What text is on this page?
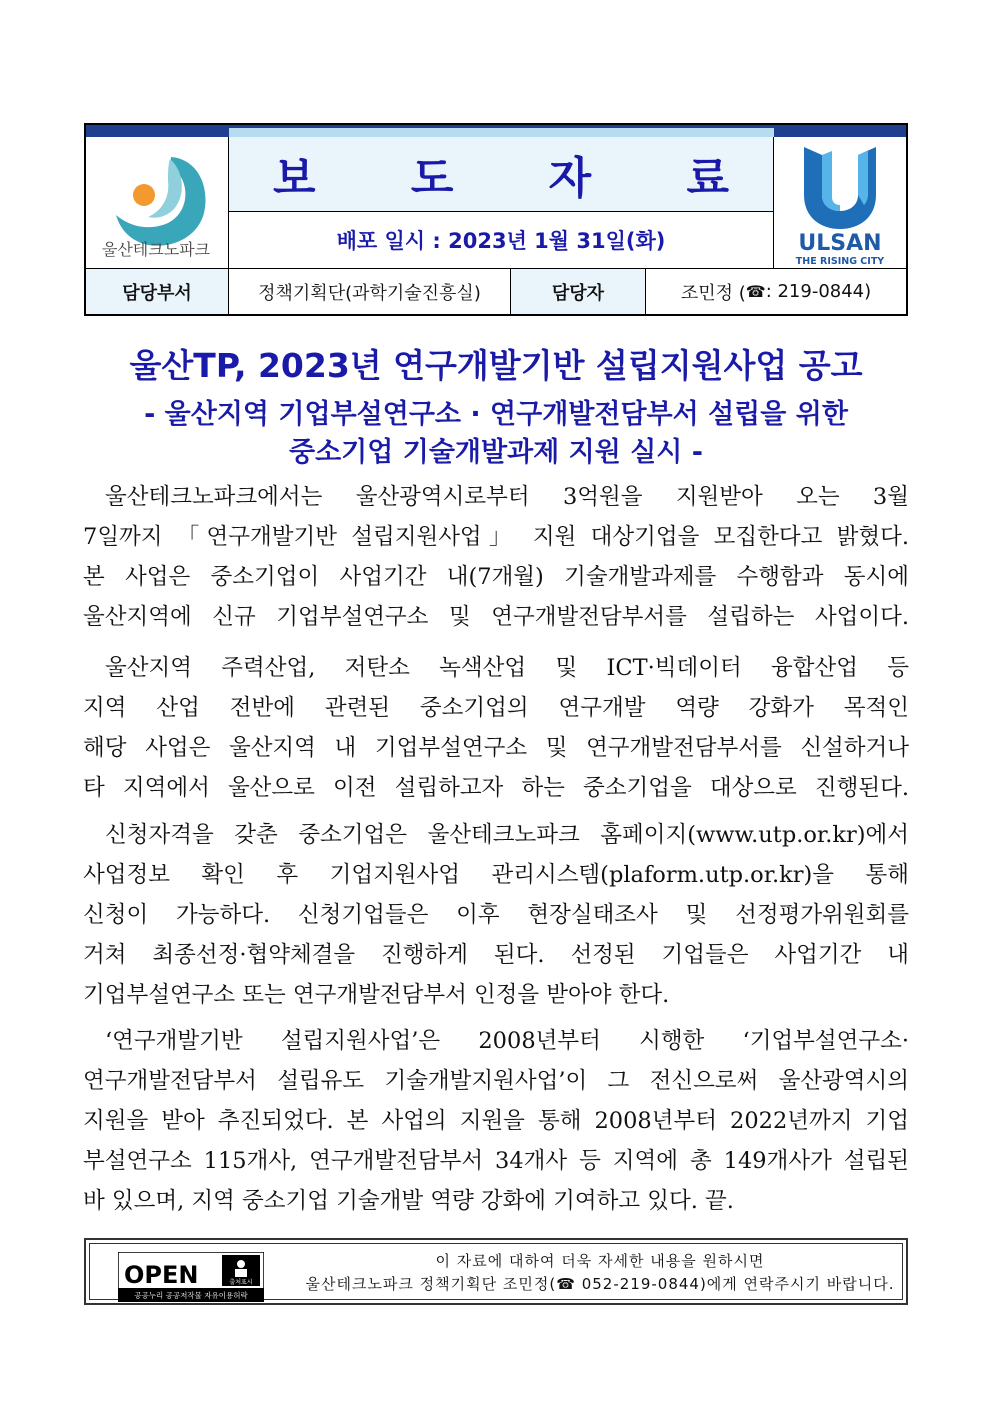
울산테크노파크
보 도 자 료
배포 일시 : 2023년 1월 31일(화)	ULSAN
THE RISING CITY
담당부서	정책기획단(과학기술진흥실)	담당자	조민정 ( ☎ : 219-0844)
울산TP, 2023년 연구개발기반 설립지원사업 공고
- 울산지역 기업부설연구소 · 연구개발전담부서 설립을 위한
중소기업 기술개발과제 지원 실시 -
울산테크노파크에서는 울산광역시로부터 3억원을 지원받아 오는 3월
7일까지 「연구개발기반 설립지원사업」 지원 대상기업을 모집한다고 밝혔다.
본 사업은 중소기업이 사업기간 내(7개월) 기술개발과제를 수행함과 동시에
울산지역에 신규 기업부설연구소 및 연구개발전담부서를 설립하는 사업이다.
울산지역 주력산업, 저탄소 녹색산업 및 ICT·빅데이터 융합산업 등
지역 산업 전반에 관련된 중소기업의 연구개발 역량 강화가 목적인
해당 사업은 울산지역 내 기업부설연구소 및 연구개발전담부서를 신설하거나
타 지역에서 울산으로 이전 설립하고자 하는 중소기업을 대상으로 진행된다.
신청자격을 갖춘 중소기업은 울산테크노파크 홈페이지(www.utp.or.kr)에서
사업정보 확인 후 기업지원사업 관리시스템(plaform.utp.or.kr)을 통해
신청이 가능하다. 신청기업들은 이후 현장실태조사 및 선정평가위원회를
거쳐 최종선정·협약체결을 진행하게 된다. 선정된 기업들은 사업기간 내
기업부설연구소 또는 연구개발전담부서 인정을 받아야 한다.
‘연구개발기반 설립지원사업’은 2008년부터 시행한 ‘기업부설연구소·
연구개발전담부서 설립유도 기술개발지원사업’이 그 전신으로써 울산광역시의
지원을 받아 추진되었다. 본 사업의 지원을 통해 2008년부터 2022년까지 기업
부설연구소 115개사, 연구개발전담부서 34개사 등 지역에 총 149개사가 설립된
바 있으며, 지역 중소기업 기술개발 역량 강화에 기여하고 있다. 끝.
OPEN	출처표시
공공누리 공공저작물 자유이용허락
이 자료에 대하여 더욱 자세한 내용을 원하시면
울산테크노파크 정책기획단 조민정(☎ 052-219-0844)에게 연락주시기 바랍니다.
